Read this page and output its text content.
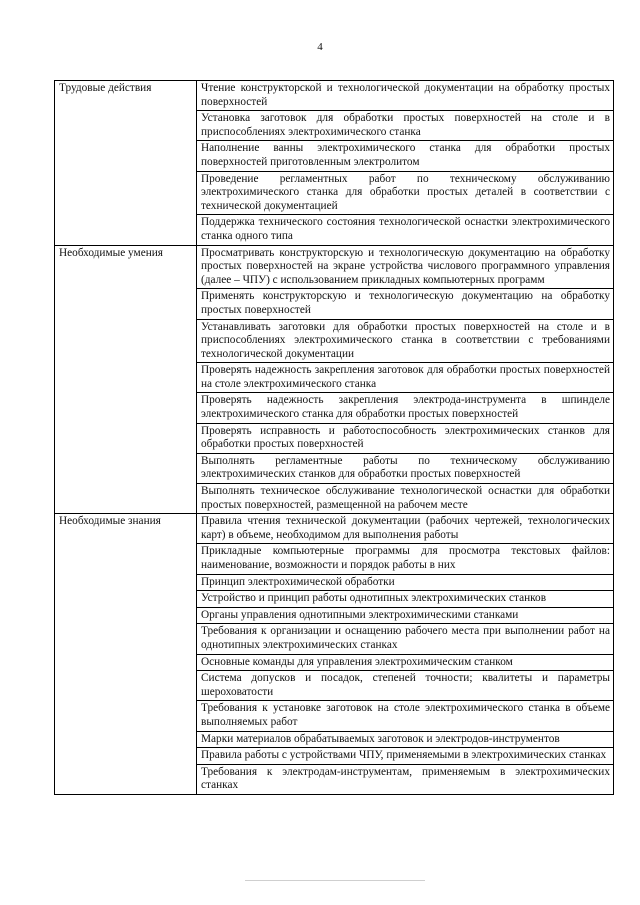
4
Трудовые действия	Чтение конструкторской и технологической документации на обработку простых поверхностей
	Установка заготовок для обработки простых поверхностей на столе и в приспособлениях электрохимического станка
	Наполнение ванны электрохимического станка для обработки простых поверхностей приготовленным электролитом
	Проведение регламентных работ по техническому обслуживанию электрохимического станка для обработки простых деталей в соответствии с технической документацией
	Поддержка технического состояния технологической оснастки электрохимического станка одного типа
Необходимые умения	Просматривать конструкторскую и технологическую документацию на обработку простых поверхностей на экране устройства числового программного управления (далее – ЧПУ) с использованием прикладных компьютерных программ
	Применять конструкторскую и технологическую документацию на обработку простых поверхностей
	Устанавливать заготовки для обработки простых поверхностей на столе и в приспособлениях электрохимического станка в соответствии с требованиями технологической документации
	Проверять надежность закрепления заготовок для обработки простых поверхностей на столе электрохимического станка
	Проверять надежность закрепления электрода-инструмента в шпинделе электрохимического станка для обработки простых поверхностей
	Проверять исправность и работоспособность электрохимических станков для обработки простых поверхностей
	Выполнять регламентные работы по техническому обслуживанию электрохимических станков для обработки простых поверхностей
	Выполнять техническое обслуживание технологической оснастки для обработки простых поверхностей, размещенной на рабочем месте
Необходимые знания	Правила чтения технической документации (рабочих чертежей, технологических карт) в объеме, необходимом для выполнения работы
	Прикладные компьютерные программы для просмотра текстовых файлов: наименование, возможности и порядок работы в них
	Принцип электрохимической обработки
	Устройство и принцип работы однотипных электрохимических станков
	Органы управления однотипными электрохимическими станками
	Требования к организации и оснащению рабочего места при выполнении работ на однотипных электрохимических станках
	Основные команды для управления электрохимическим станком
	Система допусков и посадок, степеней точности; квалитеты и параметры шероховатости
	Требования к установке заготовок на столе электрохимического станка в объеме выполняемых работ
	Марки материалов обрабатываемых заготовок и электродов-инструментов
	Правила работы с устройствами ЧПУ, применяемыми в электрохимических станках
	Требования к электродам-инструментам, применяемым в электрохимических станках
